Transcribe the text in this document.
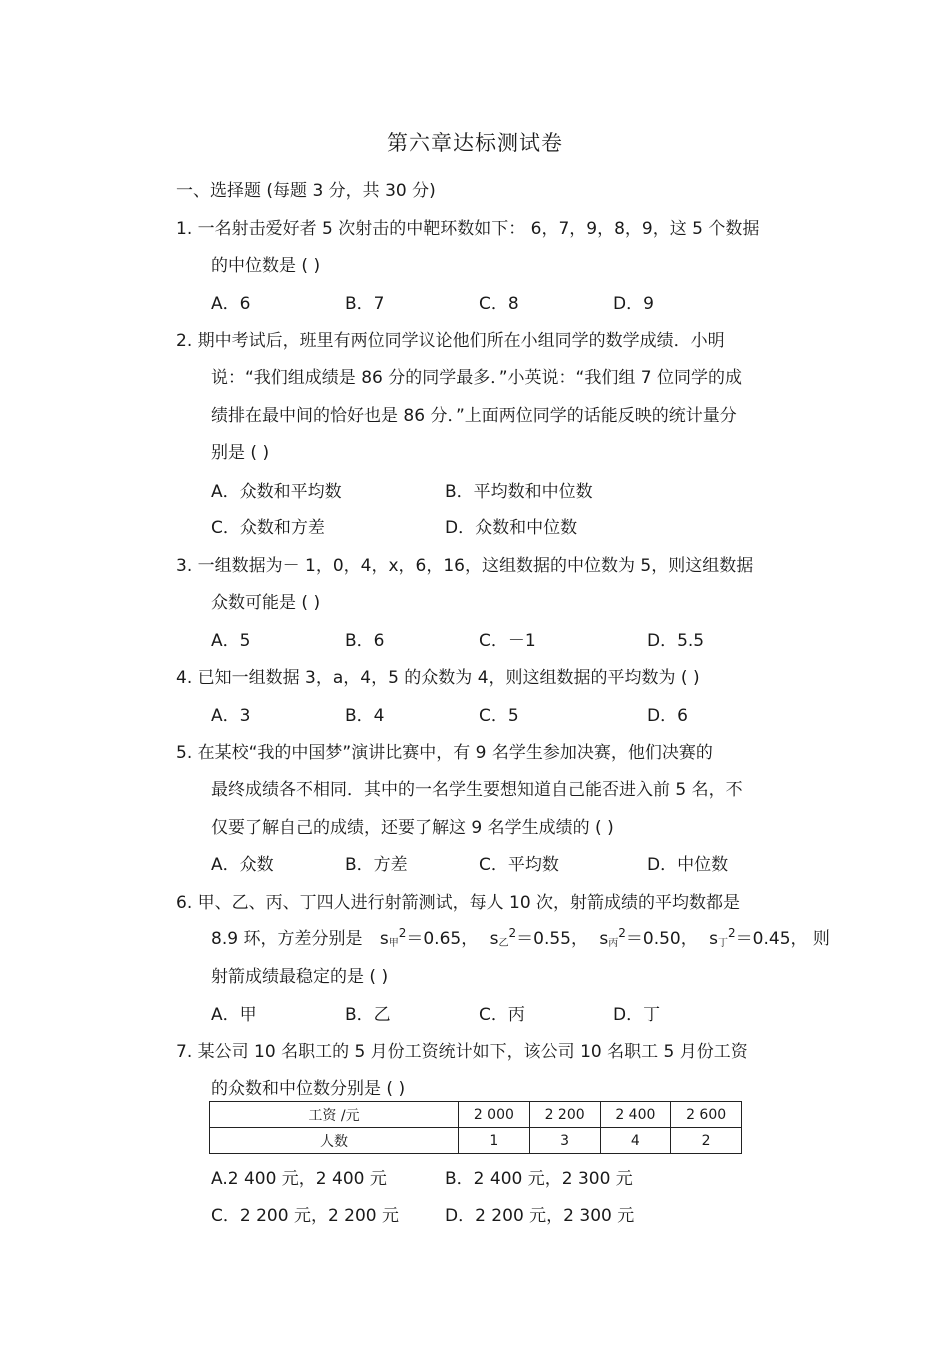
第六章达标测试卷
一、选择题 (每题 3 分，共 30 分)
1. 一名射击爱好者 5 次射击的中靶环数如下： 6，7，9，8，9，这 5 个数据
的中位数是 ( )
A．6	B．7	C．8	D．9
2. 期中考试后，班里有两位同学议论他们所在小组同学的数学成绩．小明
说：“我们组成绩是 86 分的同学最多．”小英说：“我们组 7 位同学的成
绩排在最中间的恰好也是 86 分．”上面两位同学的话能反映的统计量分
别是 ( )
A．众数和平均数	B．平均数和中位数
C．众数和方差	D．众数和中位数
3. 一组数据为－ 1，0，4，x，6，16，这组数据的中位数为 5，则这组数据
众数可能是 ( )
A．5	B．6	C．－1	D．5.5
4. 已知一组数据 3，a，4，5 的众数为 4，则这组数据的平均数为 ( )
A．3	B．4	C．5	D．6
5. 在某校“我的中国梦”演讲比赛中，有 9 名学生参加决赛，他们决赛的
最终成绩各不相同．其中的一名学生要想知道自己能否进入前 5 名，不
仅要了解自己的成绩，还要了解这 9 名学生成绩的 ( )
A．众数	B．方差	C．平均数	D．中位数
6. 甲、乙、丙、丁四人进行射箭测试，每人 10 次，射箭成绩的平均数都是
8.9 环，方差分别是 $s_甲^2=0.65$， $s_乙^2=0.55$， $s_丙^2=0.50$， $s_丁^2=0.45$， 则
射箭成绩最稳定的是 ( )
A．甲	B．乙	C．丙	D．丁
7. 某公司 10 名职工的 5 月份工资统计如下，该公司 10 名职工 5 月份工资
的众数和中位数分别是 ( )
工资 /元	2 000	2 200	2 400	2 600
人数	1	3	4	2
A.2 400 元，2 400 元	B．2 400 元，2 300 元
C．2 200 元，2 200 元	D．2 200 元，2 300 元
